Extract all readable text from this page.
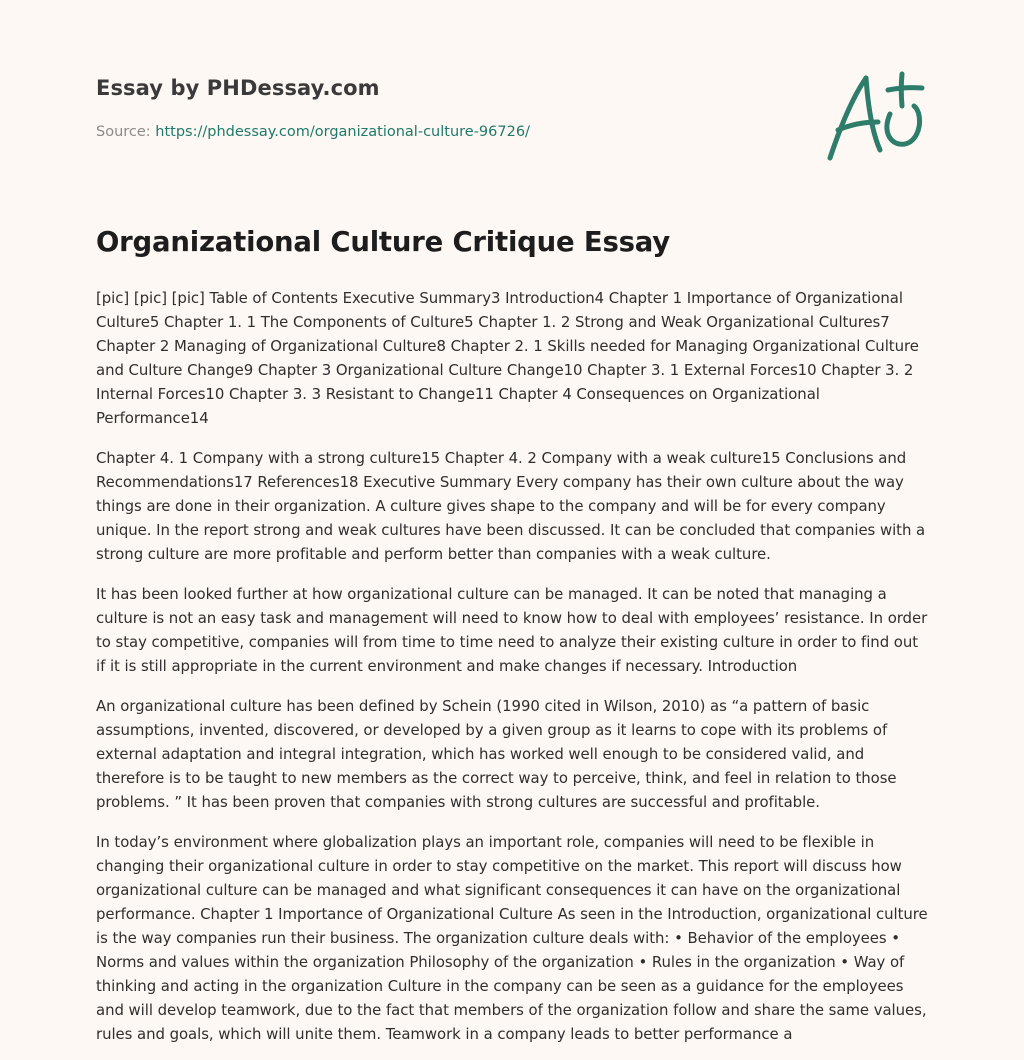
Essay by PHDessay.com
Source: https://phdessay.com/organizational-culture-96726/
Organizational Culture Critique Essay

[pic] [pic] [pic] Table of Contents Executive Summary3 Introduction4 Chapter 1 Importance of Organizational Culture5 Chapter 1. 1 The Components of Culture5 Chapter 1. 2 Strong and Weak Organizational Cultures7 Chapter 2 Managing of Organizational Culture8 Chapter 2. 1 Skills needed for Managing Organizational Culture and Culture Change9 Chapter 3 Organizational Culture Change10 Chapter 3. 1 External Forces10 Chapter 3. 2 Internal Forces10 Chapter 3. 3 Resistant to Change11 Chapter 4 Consequences on Organizational Performance14

Chapter 4. 1 Company with a strong culture15 Chapter 4. 2 Company with a weak culture15 Conclusions and Recommendations17 References18 Executive Summary Every company has their own culture about the way things are done in their organization. A culture gives shape to the company and will be for every company unique. In the report strong and weak cultures have been discussed. It can be concluded that companies with a strong culture are more profitable and perform better than companies with a weak culture.

It has been looked further at how organizational culture can be managed. It can be noted that managing a culture is not an easy task and management will need to know how to deal with employees’ resistance. In order to stay competitive, companies will from time to time need to analyze their existing culture in order to find out if it is still appropriate in the current environment and make changes if necessary. Introduction

An organizational culture has been defined by Schein (1990 cited in Wilson, 2010) as “a pattern of basic assumptions, invented, discovered, or developed by a given group as it learns to cope with its problems of external adaptation and integral integration, which has worked well enough to be considered valid, and therefore is to be taught to new members as the correct way to perceive, think, and feel in relation to those problems. ” It has been proven that companies with strong cultures are successful and profitable.

In today’s environment where globalization plays an important role, companies will need to be flexible in changing their organizational culture in order to stay competitive on the market. This report will discuss how organizational culture can be managed and what significant consequences it can have on the organizational performance. Chapter 1 Importance of Organizational Culture As seen in the Introduction, organizational culture is the way companies run their business. The organization culture deals with: • Behavior of the employees • Norms and values within the organization Philosophy of the organization • Rules in the organization • Way of thinking and acting in the organization Culture in the company can be seen as a guidance for the employees and will develop teamwork, due to the fact that members of the organization follow and share the same values, rules and goals, which will unite them. Teamwork in a company leads to better performance a
